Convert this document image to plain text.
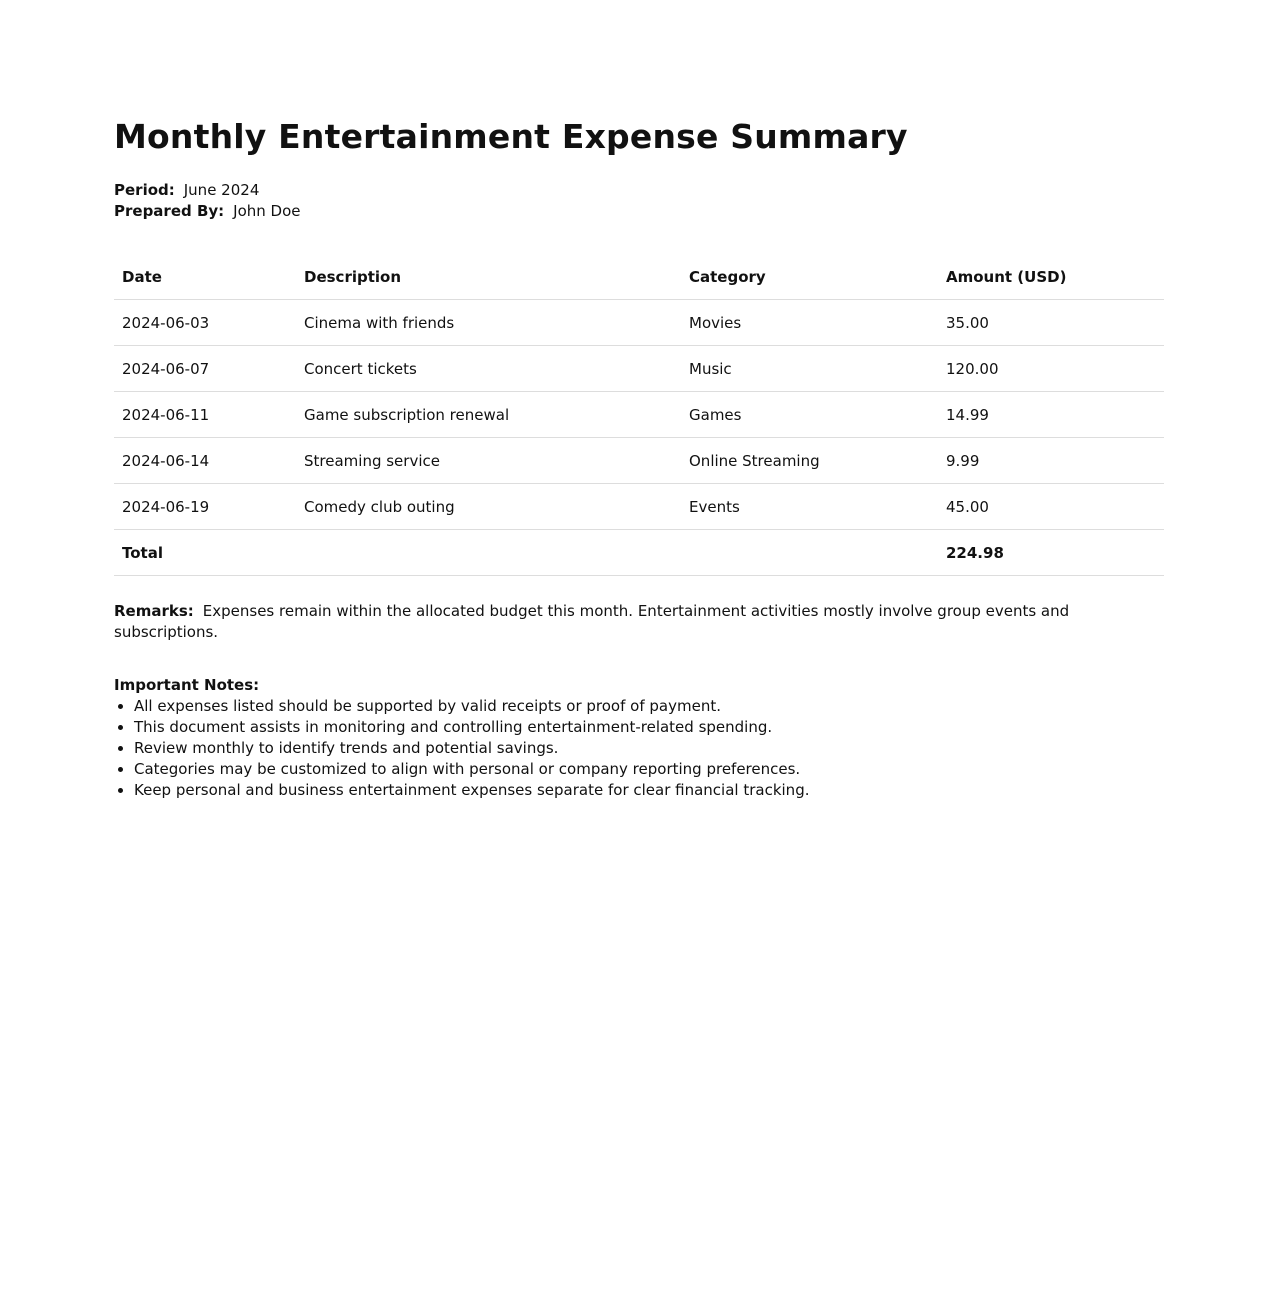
Monthly Entertainment Expense Summary
Period: June 2024
Prepared By: John Doe
Date	Description	Category	Amount (USD)
2024-06-03	Cinema with friends	Movies	35.00
2024-06-07	Concert tickets	Music	120.00
2024-06-11	Game subscription renewal	Games	14.99
2024-06-14	Streaming service	Online Streaming	9.99
2024-06-19	Comedy club outing	Events	45.00
Total			224.98
Remarks: Expenses remain within the allocated budget this month. Entertainment activities mostly involve group events and subscriptions.
Important Notes:
• All expenses listed should be supported by valid receipts or proof of payment.
• This document assists in monitoring and controlling entertainment-related spending.
• Review monthly to identify trends and potential savings.
• Categories may be customized to align with personal or company reporting preferences.
• Keep personal and business entertainment expenses separate for clear financial tracking.
